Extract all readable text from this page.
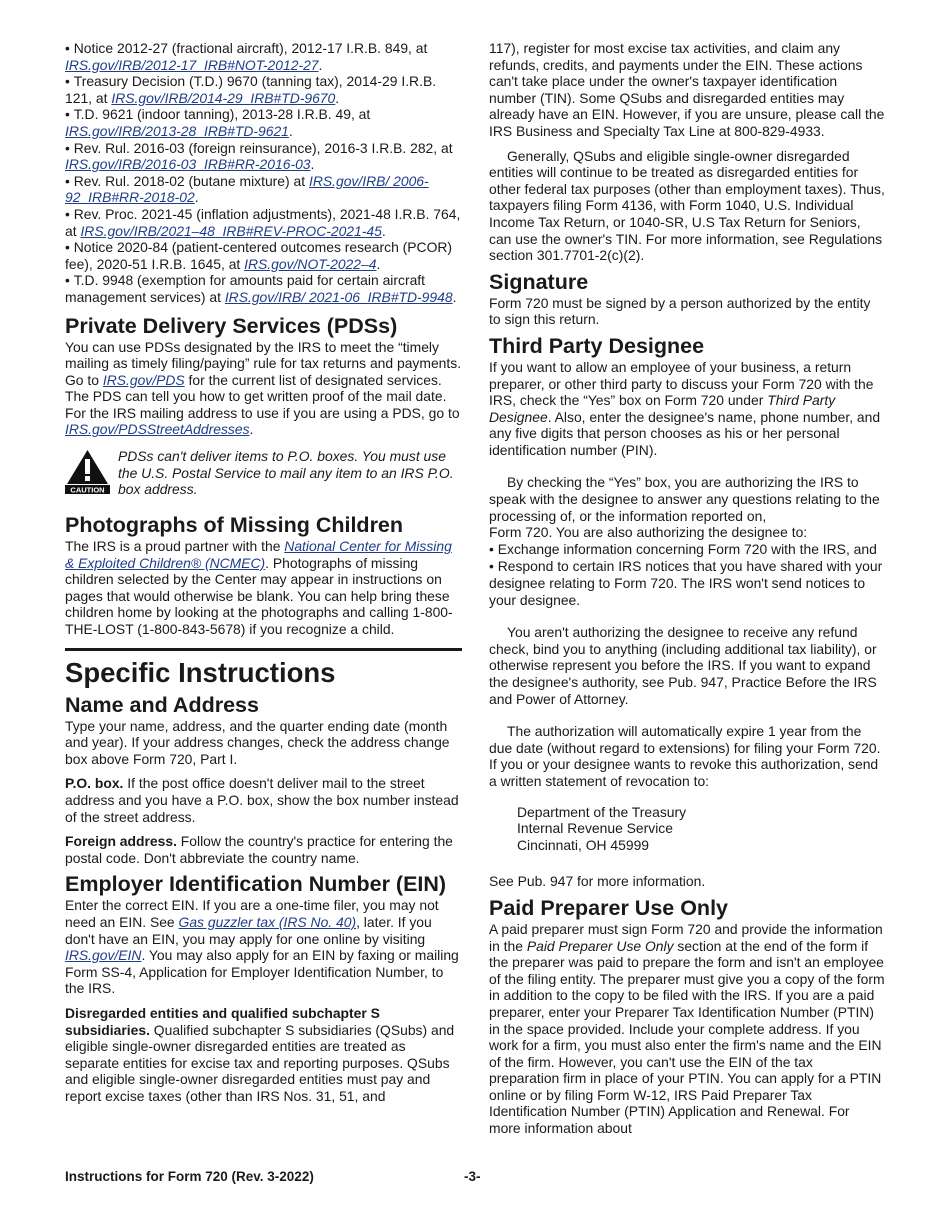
• Notice 2012-27 (fractional aircraft), 2012-17 I.R.B. 849, at IRS.gov/IRB/2012-17_IRB#NOT-2012-27.

• Treasury Decision (T.D.) 9670 (tanning tax), 2014-29 I.R.B. 121, at IRS.gov/IRB/2014-29_IRB#TD-9670.

• T.D. 9621 (indoor tanning), 2013-28 I.R.B. 49, at IRS.gov/IRB/2013-28_IRB#TD-9621.

• Rev. Rul. 2016-03 (foreign reinsurance), 2016-3 I.R.B. 282, at IRS.gov/IRB/2016-03_IRB#RR-2016-03.

• Rev. Rul. 2018-02 (butane mixture) at IRS.gov/IRB/ 2006-92_IRB#RR-2018-02.

• Rev. Proc. 2021-45 (inflation adjustments), 2021-48 I.R.B. 764, at IRS.gov/IRB/2021–48_IRB#REV-PROC-2021-45.

• Notice 2020-84 (patient-centered outcomes research (PCOR) fee), 2020-51 I.R.B. 1645, at IRS.gov/NOT-2022–4.

• T.D. 9948 (exemption for amounts paid for certain aircraft management services) at IRS.gov/IRB/ 2021-06_IRB#TD-9948.

Private Delivery Services (PDSs)

You can use PDSs designated by the IRS to meet the “timely mailing as timely filing/paying” rule for tax returns and payments. Go to IRS.gov/PDS for the current list of designated services. The PDS can tell you how to get written proof of the mail date. For the IRS mailing address to use if you are using a PDS, go to IRS.gov/PDSStreetAddresses.

CAUTION

PDSs can't deliver items to P.O. boxes. You must use the U.S. Postal Service to mail any item to an IRS P.O. box address.

Photographs of Missing Children

The IRS is a proud partner with the National Center for Missing & Exploited Children® (NCMEC). Photographs of missing children selected by the Center may appear in instructions on pages that would otherwise be blank. You can help bring these children home by looking at the photographs and calling 1-800-THE-LOST (1-800-843-5678) if you recognize a child.

Specific Instructions
Name and Address

Type your name, address, and the quarter ending date (month and year). If your address changes, check the address change box above Form 720, Part I.

P.O. box. If the post office doesn't deliver mail to the street address and you have a P.O. box, show the box number instead of the street address.

Foreign address. Follow the country's practice for entering the postal code. Don't abbreviate the country name.

Employer Identification Number (EIN)

Enter the correct EIN. If you are a one-time filer, you may not need an EIN. See Gas guzzler tax (IRS No. 40), later. If you don't have an EIN, you may apply for one online by visiting IRS.gov/EIN. You may also apply for an EIN by faxing or mailing Form SS-4, Application for Employer Identification Number, to the IRS.

Disregarded entities and qualified subchapter S subsidiaries. Qualified subchapter S subsidiaries (QSubs) and eligible single-owner disregarded entities are treated as separate entities for excise tax and reporting purposes. QSubs and eligible single-owner disregarded entities must pay and report excise taxes (other than IRS Nos. 31, 51, and

117), register for most excise tax activities, and claim any refunds, credits, and payments under the EIN. These actions can't take place under the owner's taxpayer identification number (TIN). Some QSubs and disregarded entities may already have an EIN. However, if you are unsure, please call the IRS Business and Specialty Tax Line at 800-829-4933.

Generally, QSubs and eligible single-owner disregarded entities will continue to be treated as disregarded entities for other federal tax purposes (other than employment taxes). Thus, taxpayers filing Form 4136, with Form 1040, U.S. Individual Income Tax Return, or 1040-SR, U.S Tax Return for Seniors, can use the owner's TIN. For more information, see Regulations section 301.7701-2(c)(2).

Signature

Form 720 must be signed by a person authorized by the entity to sign this return.

Third Party Designee

If you want to allow an employee of your business, a return preparer, or other third party to discuss your Form 720 with the IRS, check the “Yes” box on Form 720 under Third Party Designee. Also, enter the designee's name, phone number, and any five digits that person chooses as his or her personal identification number (PIN).

By checking the “Yes” box, you are authorizing the IRS to speak with the designee to answer any questions relating to the processing of, or the information reported on,

Form 720. You are also authorizing the designee to:

• Exchange information concerning Form 720 with the IRS, and

• Respond to certain IRS notices that you have shared with your designee relating to Form 720. The IRS won't send notices to your designee.

You aren't authorizing the designee to receive any refund check, bind you to anything (including additional tax liability), or otherwise represent you before the IRS. If you want to expand the designee's authority, see Pub. 947, Practice Before the IRS and Power of Attorney.

The authorization will automatically expire 1 year from the due date (without regard to extensions) for filing your Form 720. If you or your designee wants to revoke this authorization, send a written statement of revocation to:

Department of the Treasury

Internal Revenue Service

Cincinnati, OH 45999

See Pub. 947 for more information.

Paid Preparer Use Only

A paid preparer must sign Form 720 and provide the information in the Paid Preparer Use Only section at the end of the form if the preparer was paid to prepare the form and isn't an employee of the filing entity. The preparer must give you a copy of the form in addition to the copy to be filed with the IRS. If you are a paid preparer, enter your Preparer Tax Identification Number (PTIN) in the space provided. Include your complete address. If you work for a firm, you must also enter the firm's name and the EIN of the firm. However, you can't use the EIN of the tax preparation firm in place of your PTIN. You can apply for a PTIN online or by filing Form W-12, IRS Paid Preparer Tax Identification Number (PTIN) Application and Renewal. For more information about

Instructions for Form 720 (Rev. 3-2022)	-3-
